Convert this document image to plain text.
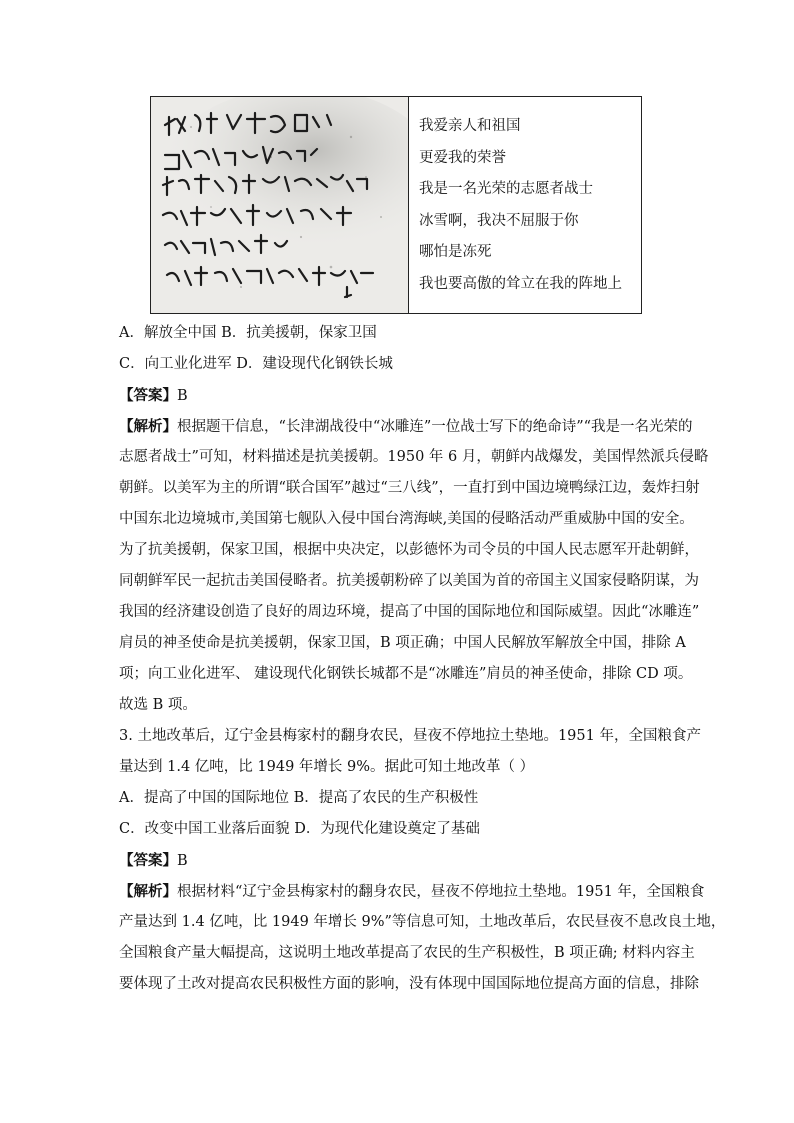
我爱亲人和祖国
更爱我的荣誉
我是一名光荣的志愿者战士
冰雪啊，我决不屈服于你
哪怕是冻死
我也要高傲的耸立在我的阵地上
A．解放全中国 B．抗美援朝，保家卫国
C．向工业化进军 D．建设现代化钢铁长城
【答案】B
【解析】根据题干信息，“长津湖战役中“冰雕连”一位战士写下的绝命诗”“我是一名光荣的
志愿者战士”可知，材料描述是抗美援朝。1950 年 6 月，朝鲜内战爆发，美国悍然派兵侵略
朝鲜。以美军为主的所谓“联合国军”越过“三八线”，一直打到中国边境鸭绿江边，轰炸扫射
中国东北边境城市,美国第七舰队入侵中国台湾海峡,美国的侵略活动严重威胁中国的安全。
为了抗美援朝，保家卫国，根据中央决定，以彭德怀为司令员的中国人民志愿军开赴朝鲜，
同朝鲜军民一起抗击美国侵略者。抗美援朝粉碎了以美国为首的帝国主义国家侵略阴谋，为
我国的经济建设创造了良好的周边环境，提高了中国的国际地位和国际威望。因此“冰雕连”
肩员的神圣使命是抗美援朝，保家卫国，B 项正确；中国人民解放军解放全中国，排除 A
项；向工业化进军、 建设现代化钢铁长城都不是“冰雕连”肩员的神圣使命，排除 CD 项。
故选 B 项。
3. 土地改革后，辽宁金县梅家村的翻身农民，昼夜不停地拉土垫地。1951 年，全国粮食产
量达到 1.4 亿吨，比 1949 年增长 9%。据此可知土地改革（ ）
A．提高了中国的国际地位 B．提高了农民的生产积极性
C．改变中国工业落后面貌 D．为现代化建设奠定了基础
【答案】B
【解析】根据材料“辽宁金县梅家村的翻身农民，昼夜不停地拉土垫地。1951 年，全国粮食
产量达到 1.4 亿吨，比 1949 年增长 9%”等信息可知，土地改革后，农民昼夜不息改良土地，
全国粮食产量大幅提高，这说明土地改革提高了农民的生产积极性，B 项正确; 材料内容主
要体现了土改对提高农民积极性方面的影响，没有体现中国国际地位提高方面的信息，排除
